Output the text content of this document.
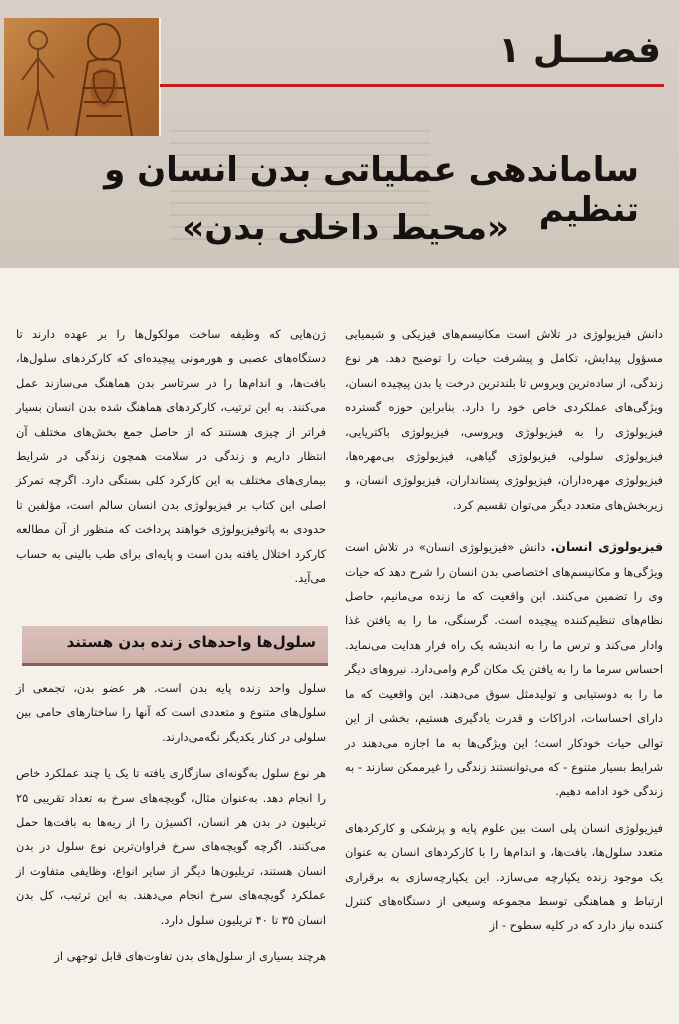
فصـــل ۱
ساماندهی عملیاتی بدن انسان و تنظیم
«محیط داخلی بدن»

دانش فیزیولوژی در تلاش است مکانیسم‌های فیزیکی و شیمیایی مسؤول پیدایش، تکامل و پیشرفت حیات را توضیح دهد. هر نوع زندگی، از ساده‌ترین ویروس تا بلندترین درخت یا بدن پیچیده انسان، ویژگی‌های عملکردی خاص خود را دارد. بنابراین حوزه گسترده فیزیولوژی را به فیزیولوژی ویروسی، فیزیولوژی باکتریایی، فیزیولوژی سلولی، فیزیولوژی گیاهی، فیزیولوژی بی‌مهره‌ها، فیزیولوژی مهره‌داران، فیزیولوژی پستانداران، فیزیولوژی انسان، و زیربخش‌های متعدد دیگر می‌توان تقسیم کرد.

فیزیولوژی انسان. دانش «فیزیولوژی انسان» در تلاش است ویژگی‌ها و مکانیسم‌های اختصاصی بدن انسان را شرح دهد که حیات وی را تضمین می‌کنند. این واقعیت که ما زنده می‌مانیم، حاصل نظام‌های تنظیم‌کننده پیچیده است. گرسنگی، ما را به یافتن غذا وادار می‌کند و ترس ما را به اندیشه یک راه فرار هدایت می‌نماید. احساس سرما ما را به یافتن یک مکان گرم وامی‌دارد. نیروهای دیگر ما را به دوستیابی و تولیدمثل سوق می‌دهند. این واقعیت که ما دارای احساسات، ادراکات و قدرت یادگیری هستیم، بخشی از این توالی حیات خودکار است؛ این ویژگی‌ها به ما اجازه می‌دهند در شرایط بسیار متنوع - که می‌توانستند زندگی را غیرممکن سازند - به زندگی خود ادامه دهیم.

فیزیولوژی انسان پلی است بین علوم پایه و پزشکی و کارکردهای متعدد سلول‌ها، بافت‌ها، و اندام‌ها را با کارکردهای انسان به عنوان یک موجود زنده یکپارچه می‌سازد. این یکپارچه‌سازی به برقراری ارتباط و هماهنگی توسط مجموعه وسیعی از دستگاه‌های کنترل کننده نیاز دارد که در کلیه سطوح - از

ژن‌هایی که وظیفه ساخت مولکول‌ها را بر عهده دارند تا دستگاه‌های عصبی و هورمونی پیچیده‌ای که کارکردهای سلول‌ها، بافت‌ها، و اندام‌ها را در سرتاسر بدن هماهنگ می‌سازند عمل می‌کنند. به این ترتیب، کارکردهای هماهنگ شده بدن انسان بسیار فراتر از چیزی هستند که از حاصل جمع بخش‌های مختلف آن انتظار داریم و زندگی در سلامت همچون زندگی در شرایط بیماری‌های مختلف به این کارکرد کلی بستگی دارد. اگرچه تمرکز اصلی این کتاب بر فیزیولوژی بدن انسان سالم است، مؤلفین تا حدودی به پاتوفیزیولوژی خواهند پرداخت که منظور از آن مطالعه کارکرد اختلال یافته بدن است و پایه‌ای برای طب بالینی به حساب می‌آید.

سلول‌ها واحدهای زنده بدن هستند

سلول واحد زنده پایه بدن است. هر عضو بدن، تجمعی از سلول‌های متنوع و متعددی است که آنها را ساختارهای حامی بین سلولی در کنار یکدیگر نگه‌می‌دارند.

هر نوع سلول به‌گونه‌ای سازگاری یافته تا یک یا چند عملکرد خاص را انجام دهد. به‌عنوان مثال، گویچه‌های سرخ به تعداد تقریبی ۲۵ تریلیون در بدن هر انسان، اکسیژن را از ریه‌ها به بافت‌ها حمل می‌کنند. اگرچه گویچه‌های سرخ فراوان‌ترین نوع سلول در بدن انسان هستند، تریلیون‌ها دیگر از سایر انواع، وظایفی متفاوت از عملکرد گویچه‌های سرخ انجام می‌دهند. به این ترتیب، کل بدن انسان ۳۵ تا ۴۰ تریلیون سلول دارد.

هرچند بسیاری از سلول‌های بدن تفاوت‌های قابل توجهی از
